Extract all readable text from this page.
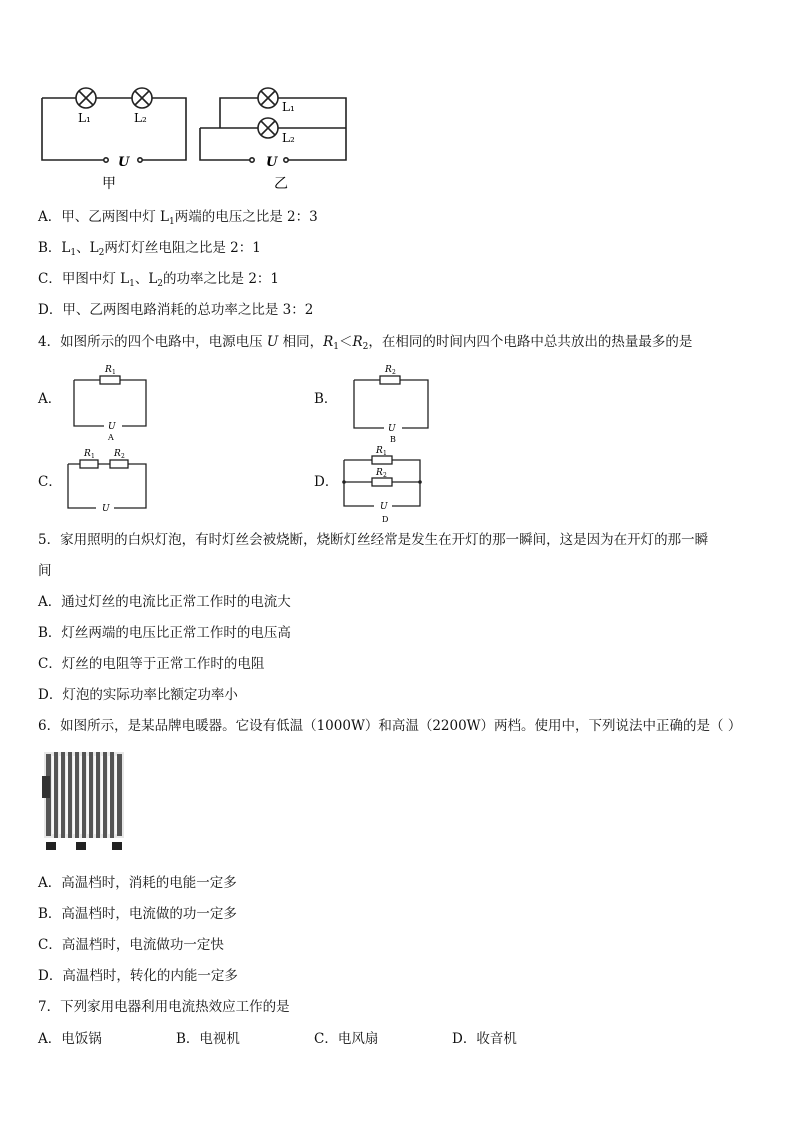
L₁	L₂
U
甲
L₁
L₂
U
乙
A．甲、乙两图中灯 $L_1$两端的电压之比是 2：3
B．$L_1$、$L_2$两灯灯丝电阻之比是 2：1
C．甲图中灯 $L_1$、$L_2$的功率之比是 2：1
D．甲、乙两图电路消耗的总功率之比是 3：2
4．如图所示的四个电路中，电源电压 U 相同，$R_1<R_2$，在相同的时间内四个电路中总共放出的热量最多的是
A．
R 1
U
A
B．
R 2
U
B
C．
R 1 R 2
U
D．
R 1
R 2
U
D
5．家用照明的白炽灯泡，有时灯丝会被烧断，烧断灯丝经常是发生在开灯的那一瞬间，这是因为在开灯的那一瞬
间
A．通过灯丝的电流比正常工作时的电流大
B．灯丝两端的电压比正常工作时的电压高
C．灯丝的电阻等于正常工作时的电阻
D．灯泡的实际功率比额定功率小
6．如图所示，是某品牌电暖器。它设有低温（1000W）和高温（2200W）两档。使用中，下列说法中正确的是（ ）
A．高温档时，消耗的电能一定多
B．高温档时，电流做的功一定多
C．高温档时，电流做功一定快
D．高温档时，转化的内能一定多
7．下列家用电器利用电流热效应工作的是
A．电饭锅	B．电视机	C．电风扇	D．收音机
